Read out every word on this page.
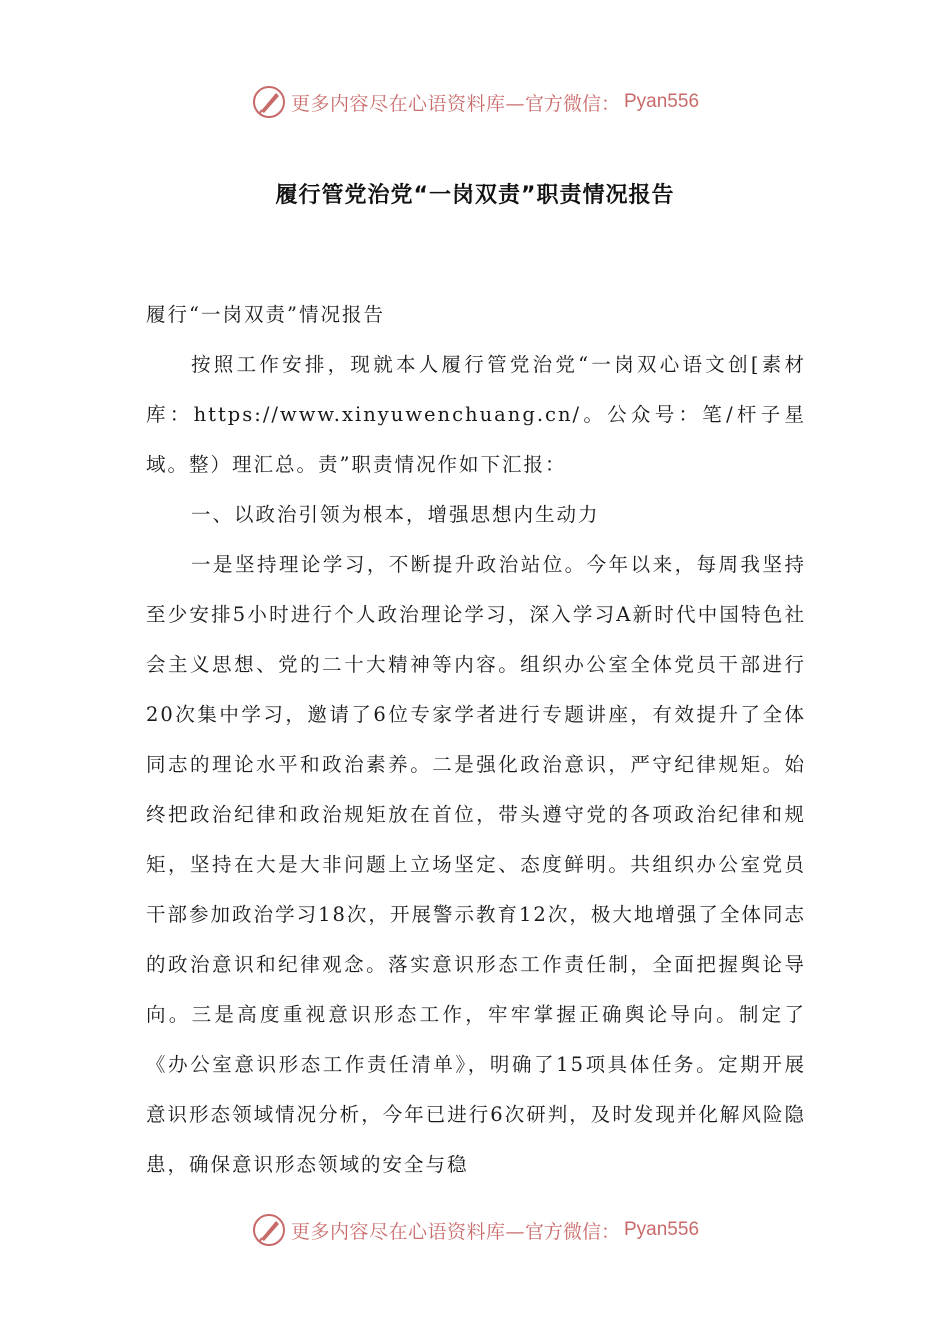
更多内容尽在心语资料库— 官方微信： Pyan556
履行管党治党“一岗双责”职责情况报告

履行“一岗双责”情况报告

按照工作安排，现就本人履行管党治党“一岗双心语文创[素材库：https://www.xinyuwenchuang.cn/。公众号：笔/杆子星域。整）理汇总。责”职责情况作如下汇报：

一、以政治引领为根本，增强思想内生动力

一是坚持理论学习，不断提升政治站位。今年以来，每周我坚持至少安排5小时进行个人政治理论学习，深入学习A新时代中国特色社会主义思想、党的二十大精神等内容。组织办公室全体党员干部进行20次集中学习，邀请了6位专家学者进行专题讲座，有效提升了全体同志的理论水平和政治素养。二是强化政治意识，严守纪律规矩。始终把政治纪律和政治规矩放在首位，带头遵守党的各项政治纪律和规矩，坚持在大是大非问题上立场坚定、态度鲜明。共组织办公室党员干部参加政治学习18次，开展警示教育12次，极大地增强了全体同志的政治意识和纪律观念。落实意识形态工作责任制，全面把握舆论导向。三是高度重视意识形态工作，牢牢掌握正确舆论导向。制定了《办公室意识形态工作责任清单》，明确了15项具体任务。定期开展意识形态领域情况分析，今年已进行6次研判，及时发现并化解风险隐患，确保意识形态领域的安全与稳

更多内容尽在心语资料库— 官方微信： Pyan556
